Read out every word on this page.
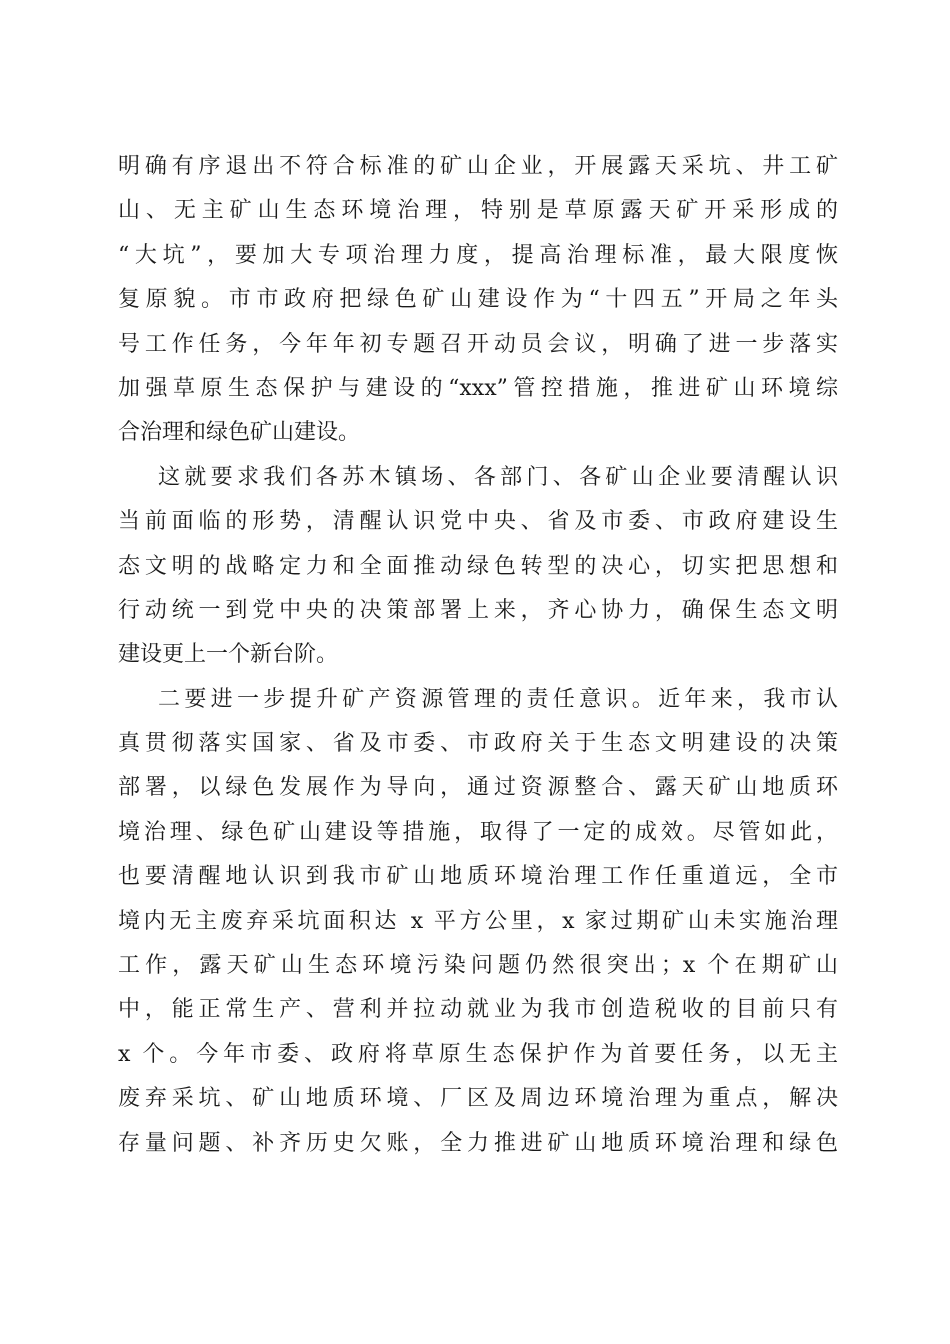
明确有序退出不符合标准的矿山企业，开展露天采坑、井工矿
山、无主矿山生态环境治理，特别是草原露天矿开采形成的
“大坑”，要加大专项治理力度，提高治理标准，最大限度恢
复原貌。市市政府把绿色矿山建设作为“十四五”开局之年头
号工作任务，今年年初专题召开动员会议，明确了进一步落实
加强草原生态保护与建设的“xxx”管控措施，推进矿山环境综
合治理和绿色矿山建设。
这就要求我们各苏木镇场、各部门、各矿山企业要清醒认识
当前面临的形势，清醒认识党中央、省及市委、市政府建设生
态文明的战略定力和全面推动绿色转型的决心，切实把思想和
行动统一到党中央的决策部署上来，齐心协力，确保生态文明
建设更上一个新台阶。
二要进一步提升矿产资源管理的责任意识。近年来，我市认
真贯彻落实国家、省及市委、市政府关于生态文明建设的决策
部署，以绿色发展作为导向，通过资源整合、露天矿山地质环
境治理、绿色矿山建设等措施，取得了一定的成效。尽管如此，
也要清醒地认识到我市矿山地质环境治理工作任重道远，全市
境内无主废弃采坑面积达 x 平方公里，x 家过期矿山未实施治理
工作，露天矿山生态环境污染问题仍然很突出；x 个在期矿山
中，能正常生产、营利并拉动就业为我市创造税收的目前只有
x 个。今年市委、政府将草原生态保护作为首要任务，以无主
废弃采坑、矿山地质环境、厂区及周边环境治理为重点，解决
存量问题、补齐历史欠账，全力推进矿山地质环境治理和绿色
